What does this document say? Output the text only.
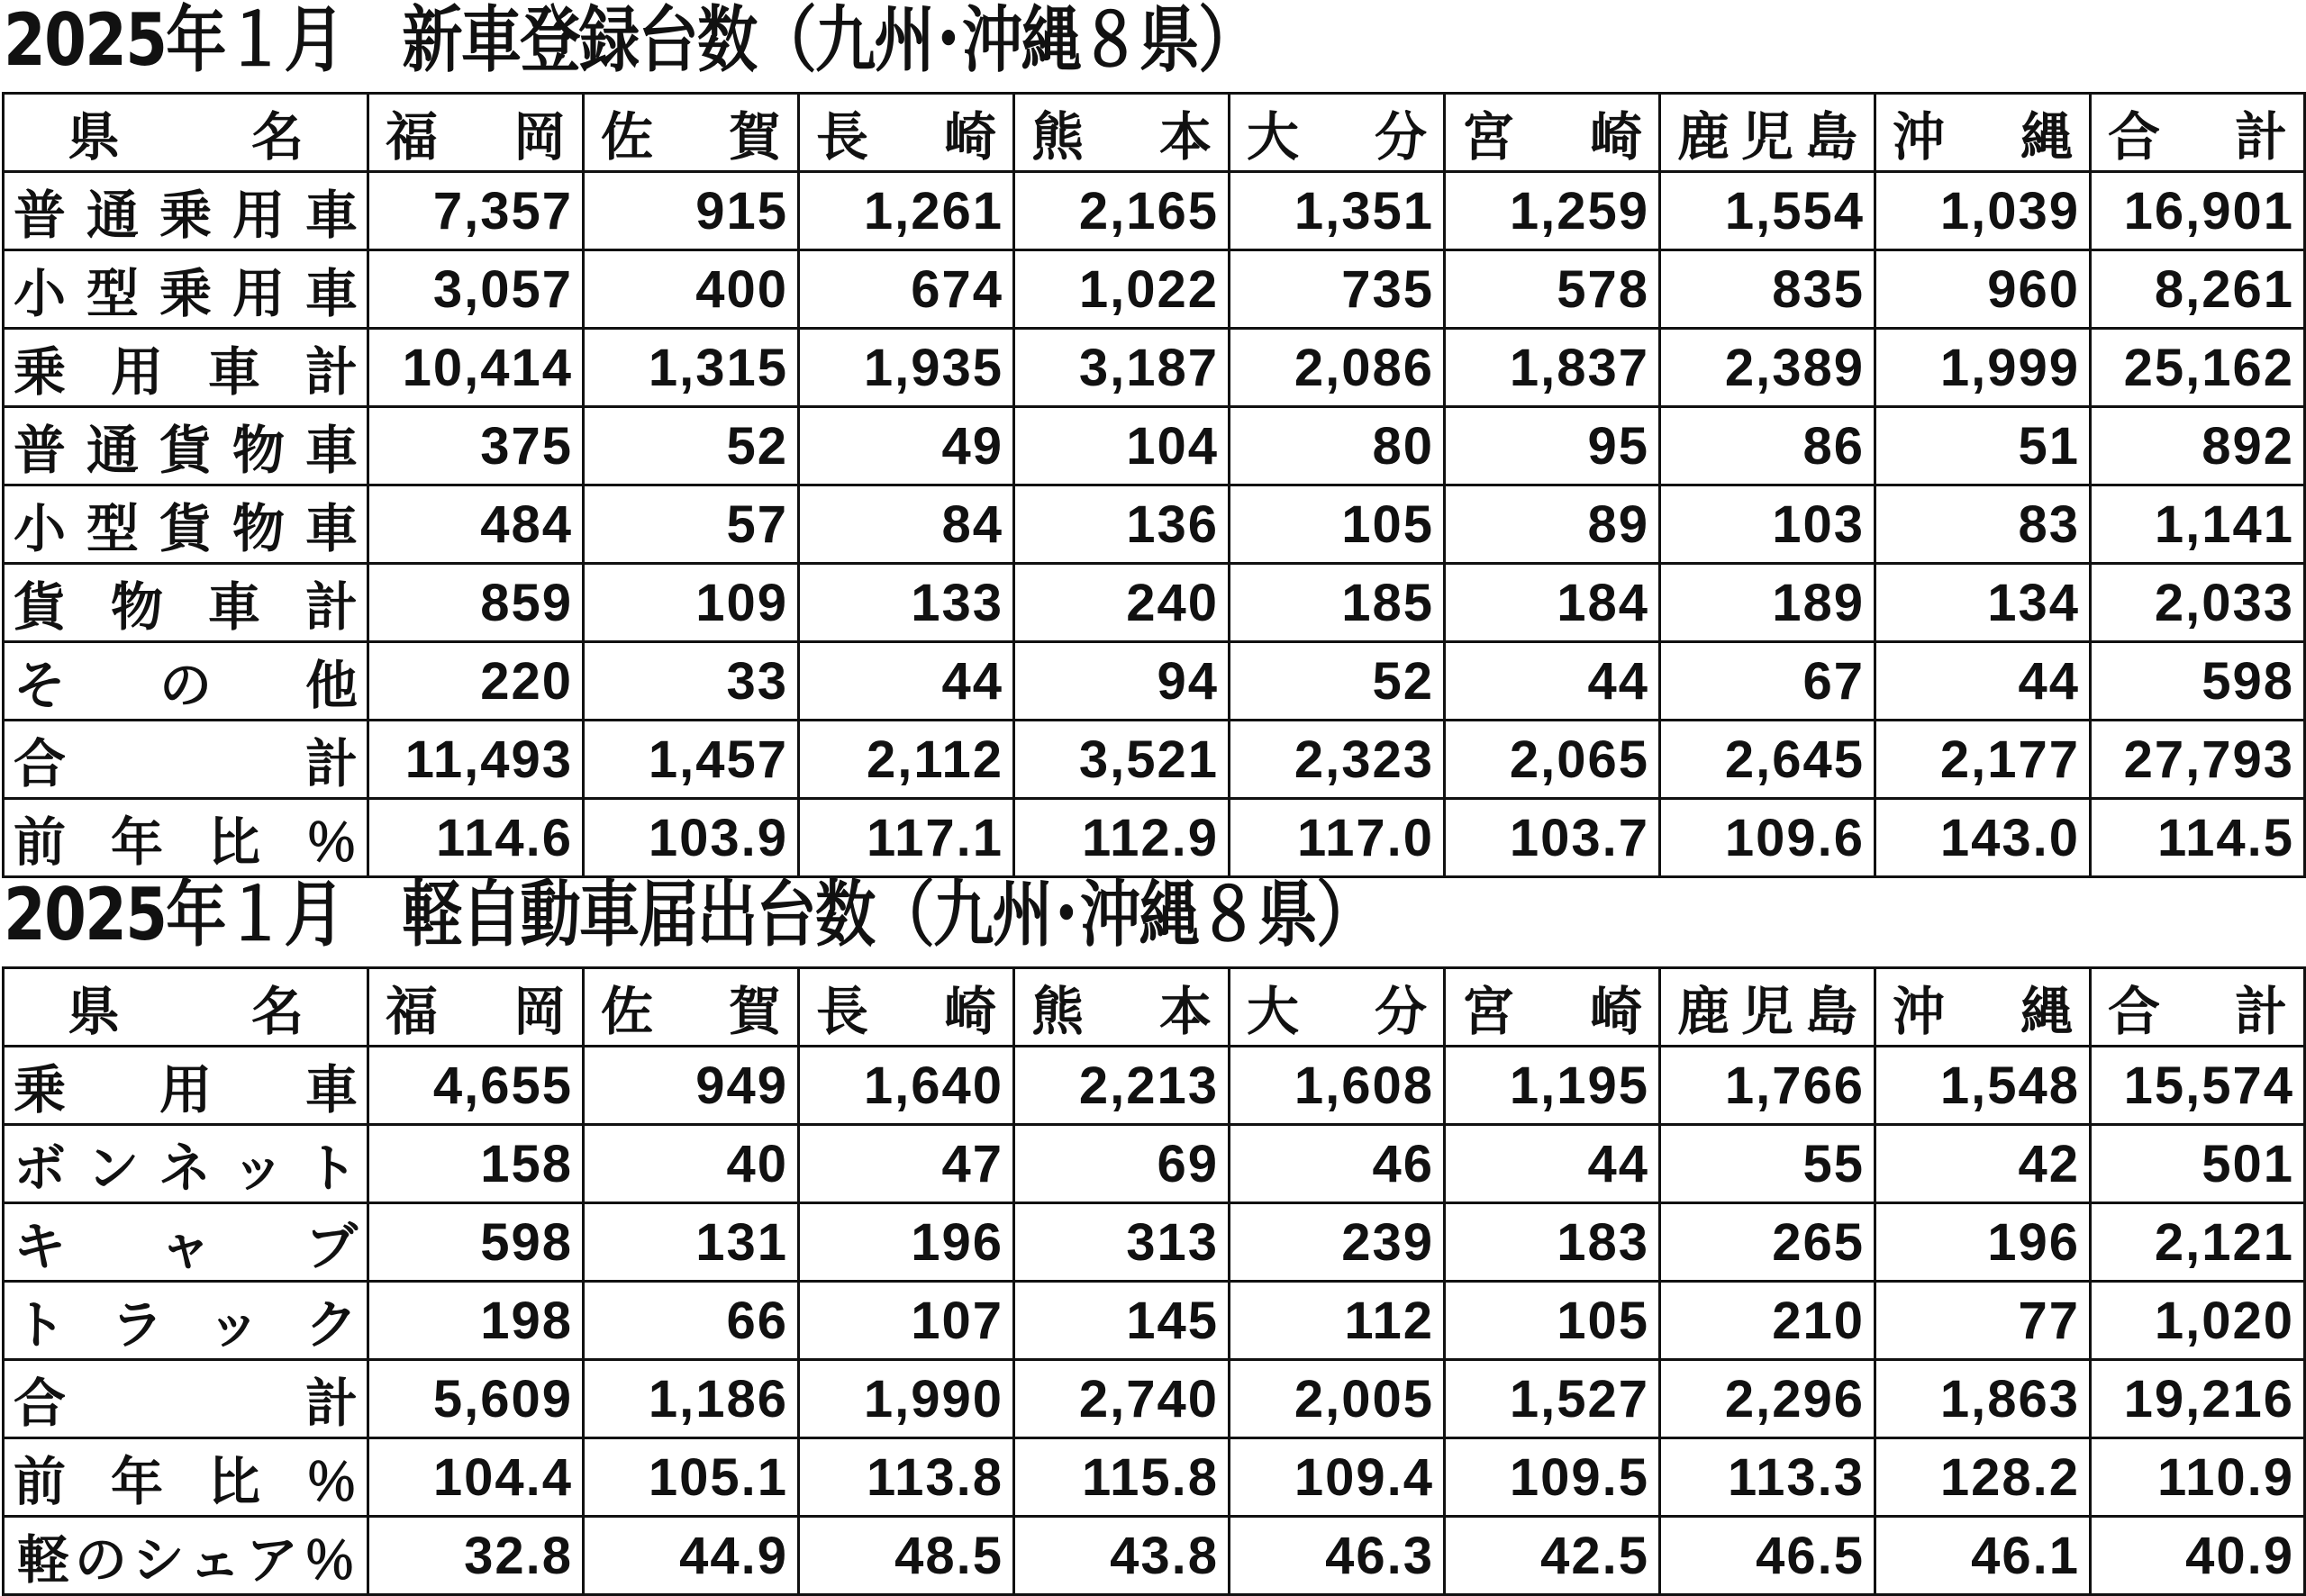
2025年１月　新車登録台数（九州･沖縄８県）
県　名	福　岡	佐　賀	長　崎	熊　本	大　分	宮　崎	鹿児島	沖　縄	合　計
普通乗用車	7,357	915	1,261	2,165	1,351	1,259	1,554	1,039	16,901
小型乗用車	3,057	400	674	1,022	735	578	835	960	8,261
乗用車計	10,414	1,315	1,935	3,187	2,086	1,837	2,389	1,999	25,162
普通貨物車	375	52	49	104	80	95	86	51	892
小型貨物車	484	57	84	136	105	89	103	83	1,141
貨物車計	859	109	133	240	185	184	189	134	2,033
その他	220	33	44	94	52	44	67	44	598
合　計	11,493	1,457	2,112	3,521	2,323	2,065	2,645	2,177	27,793
前年比％	114.6	103.9	117.1	112.9	117.0	103.7	109.6	143.0	114.5
2025年１月　軽自動車届出台数（九州･沖縄８県）
県　名	福　岡	佐　賀	長　崎	熊　本	大　分	宮　崎	鹿児島	沖　縄	合　計
乗用車	4,655	949	1,640	2,213	1,608	1,195	1,766	1,548	15,574
ボンネット	158	40	47	69	46	44	55	42	501
キャブ	598	131	196	313	239	183	265	196	2,121
トラック	198	66	107	145	112	105	210	77	1,020
合　計	5,609	1,186	1,990	2,740	2,005	1,527	2,296	1,863	19,216
前年比％	104.4	105.1	113.8	115.8	109.4	109.5	113.3	128.2	110.9
軽のシェア％	32.8	44.9	48.5	43.8	46.3	42.5	46.5	46.1	40.9
